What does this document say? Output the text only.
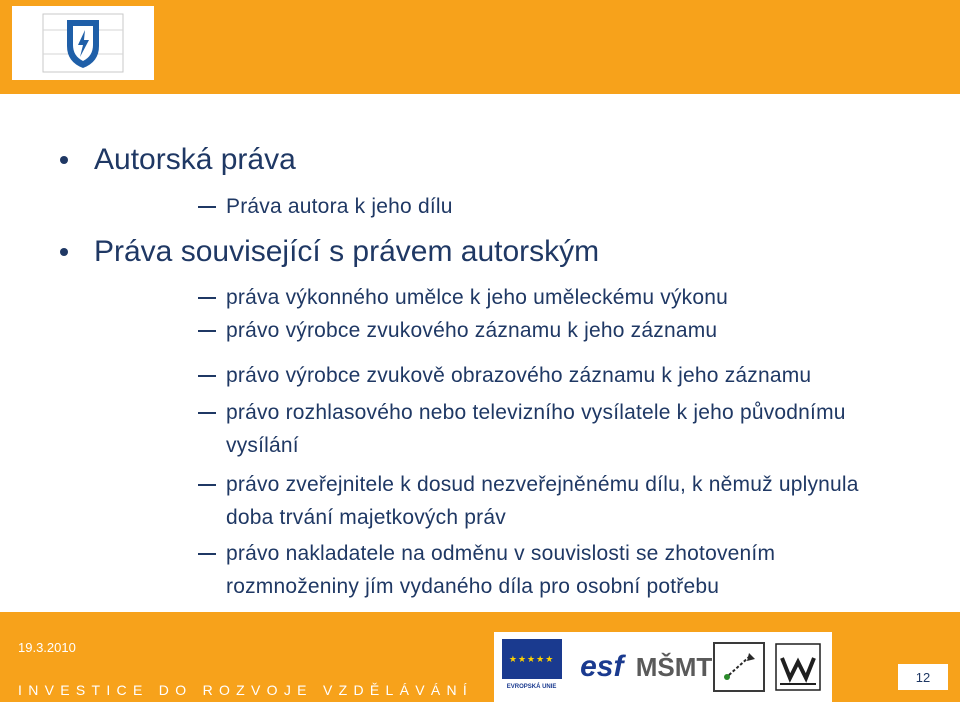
Autorská práva
Práva autora k jeho dílu
Práva související s právem autorským
práva výkonného umělce k jeho uměleckému výkonu
právo výrobce zvukového záznamu k jeho záznamu
právo výrobce zvukově obrazového záznamu k jeho záznamu
právo rozhlasového nebo televizního vysílatele k jeho původnímu vysílání
právo zveřejnitele k dosud nezveřejněnému dílu, k němuž uplynula doba trvání majetkových práv
právo nakladatele na odměnu v souvislosti se zhotovením rozmnoženiny jím vydaného díla pro osobní potřebu
19.3.2010
INVESTICE DO ROZVOJE VZDĚLÁVÁNÍ
★★★★★
EVROPSKÁ UNIE
esf MŠMT	12
